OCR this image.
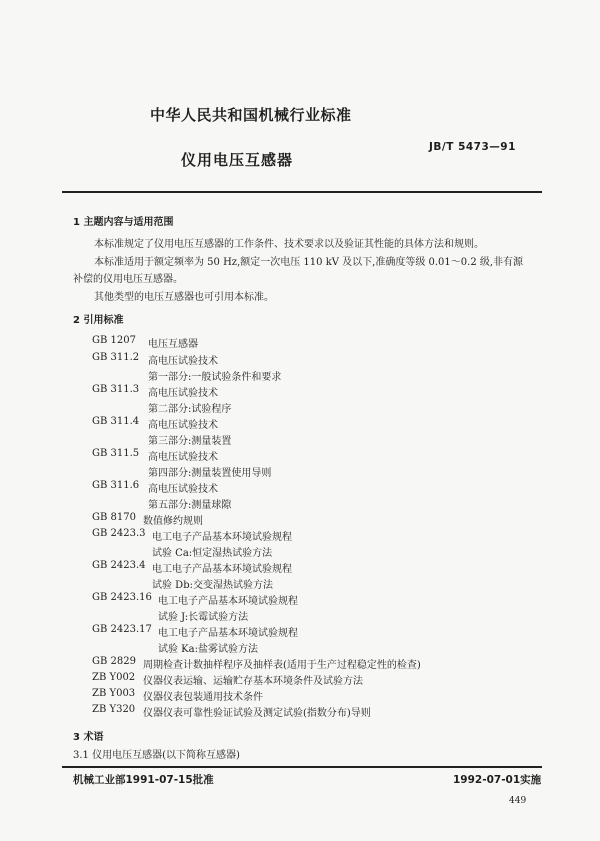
中华人民共和国机械行业标准
JB/T 5473—91
仪用电压互感器
1 主题内容与适用范围
本标准规定了仪用电压互感器的工作条件、技术要求以及验证其性能的具体方法和规则。
本标准适用于额定频率为 50 Hz,额定一次电压 110 kV 及以下,准确度等级 0.01～0.2 级,非有源
补偿的仪用电压互感器。
其他类型的电压互感器也可引用本标准。
2 引用标准
GB 1207 电压互感器
GB 311.2 高电压试验技术
第一部分:一般试验条件和要求
GB 311.3 高电压试验技术
第二部分:试验程序
GB 311.4 高电压试验技术
第三部分:测量装置
GB 311.5 高电压试验技术
第四部分:测量装置使用导则
GB 311.6 高电压试验技术
第五部分:测量球隙
GB 8170 数值修约规则
GB 2423.3 电工电子产品基本环境试验规程
试验 Ca:恒定湿热试验方法
GB 2423.4 电工电子产品基本环境试验规程
试验 Db:交变湿热试验方法
GB 2423.16 电工电子产品基本环境试验规程
试验 J:长霉试验方法
GB 2423.17 电工电子产品基本环境试验规程
试验 Ka:盐雾试验方法
GB 2829 周期检查计数抽样程序及抽样表(适用于生产过程稳定性的检查)
ZB Y002 仪器仪表运输、运输贮存基本环境条件及试验方法
ZB Y003 仪器仪表包装通用技术条件
ZB Y320 仪器仪表可靠性验证试验及测定试验(指数分布)导则
3 术语
3.1 仪用电压互感器(以下简称互感器)
机械工业部1991-07-15批准	1992-07-01实施
449
